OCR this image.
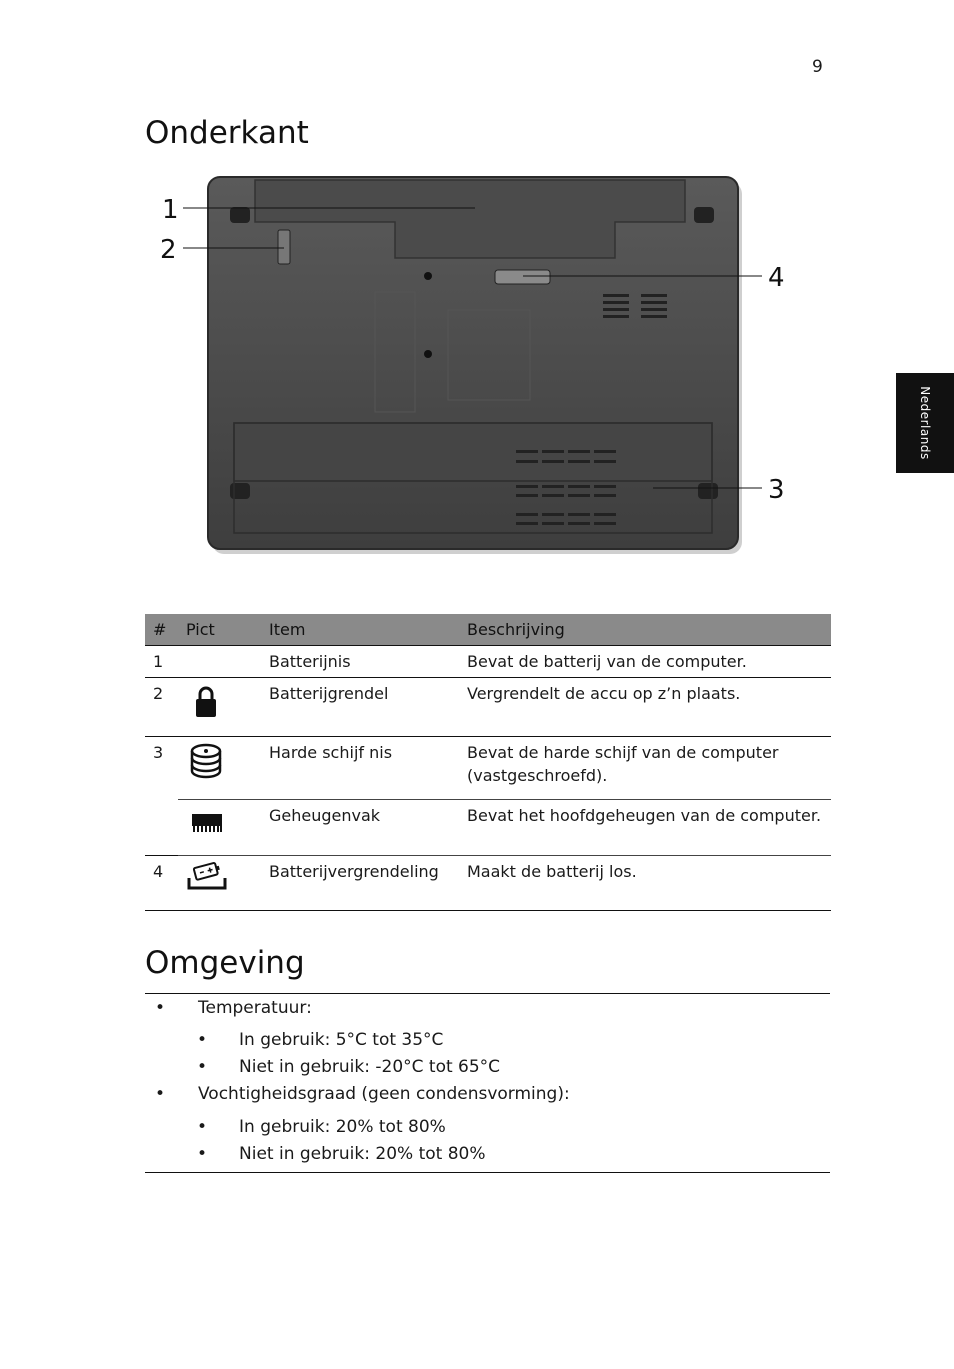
9
Nederlands
Onderkant
1
2
4
3
#	Pict	Item	Beschrijving
1		Batterijnis	Bevat de batterij van de computer.
2		Batterijgrendel	Vergrendelt de accu op z’n plaats.
3		Harde schijf nis	Bevat de harde schijf van de computer (vastgeschroefd).

	Geheugenvak	Bevat het hoofdgeheugen van de computer.
4		Batterijvergrendeling	Maakt de batterij los.
Omgeving
• Temperatuur:
• In gebruik: 5°C tot 35°C
• Niet in gebruik: -20°C tot 65°C
• Vochtigheidsgraad (geen condensvorming):
• In gebruik: 20% tot 80%
• Niet in gebruik: 20% tot 80%
